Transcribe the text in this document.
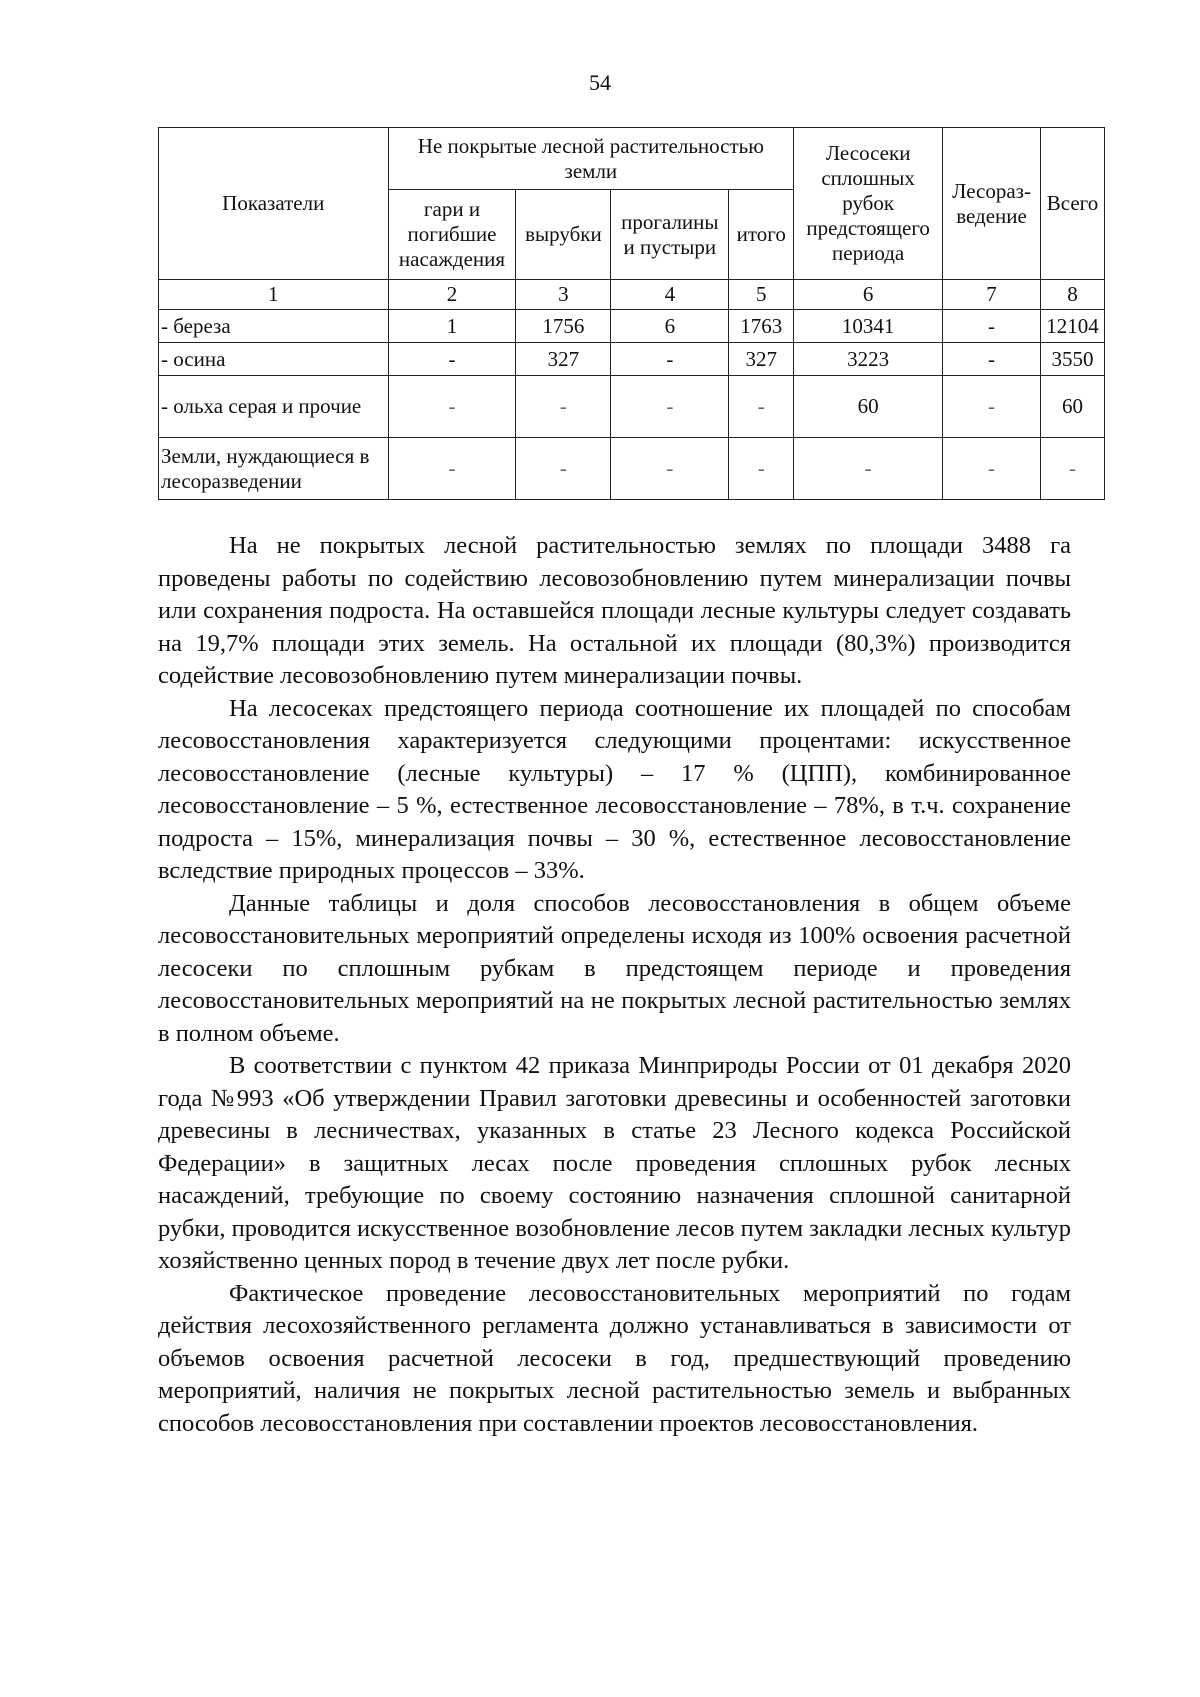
54
Показатели	Не покрытые лесной растительностью земли				Лесосеки сплошных рубок предстоящего периода	Лесораз-ведение	Всего
	гари и погибшие насаждения	вырубки	прогалины и пустыри	итого			
1	2	3	4	5	6	7	8
- береза	1	1756	6	1763	10341	-	12104
- осина	-	327	-	327	3223	-	3550
- ольха серая и прочие	-	-	-	-	60	-	60
Земли, нуждающиеся в лесоразведении	-	-	-	-	-	-	-

На не покрытых лесной растительностью землях по площади 3488 га проведены работы по содействию лесовозобновлению путем минерализации почвы или сохранения подроста. На оставшейся площади лесные культуры следует создавать на 19,7% площади этих земель. На остальной их площади (80,3%) производится содействие лесовозобновлению путем минерализации почвы.

На лесосеках предстоящего периода соотношение их площадей по способам лесовосстановления характеризуется следующими процентами: искусственное лесовосстановление (лесные культуры) – 17 % (ЦПП), комбинированное лесовосстановление – 5 %, естественное лесовосстановление – 78%, в т.ч. сохранение подроста – 15%, минерализация почвы – 30 %, естественное лесовосстановление вследствие природных процессов – 33%.

Данные таблицы и доля способов лесовосстановления в общем объеме лесовосстановительных мероприятий определены исходя из 100% освоения расчетной лесосеки по сплошным рубкам в предстоящем периоде и проведения лесовосстановительных мероприятий на не покрытых лесной растительностью землях в полном объеме.

В соответствии с пунктом 42 приказа Минприроды России от 01 декабря 2020 года №993 «Об утверждении Правил заготовки древесины и особенностей заготовки древесины в лесничествах, указанных в статье 23 Лесного кодекса Российской Федерации» в защитных лесах после проведения сплошных рубок лесных насаждений, требующие по своему состоянию назначения сплошной санитарной рубки, проводится искусственное возобновление лесов путем закладки лесных культур хозяйственно ценных пород в течение двух лет после рубки.

Фактическое проведение лесовосстановительных мероприятий по годам действия лесохозяйственного регламента должно устанавливаться в зависимости от объемов освоения расчетной лесосеки в год, предшествующий проведению мероприятий, наличия не покрытых лесной растительностью земель и выбранных способов лесовосстановления при составлении проектов лесовосстановления.
